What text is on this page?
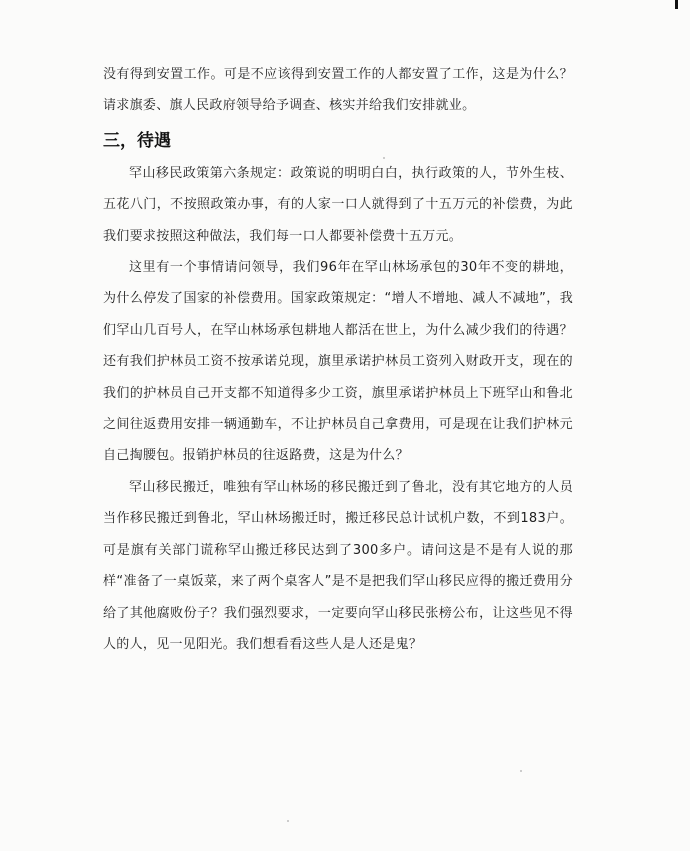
没有得到安置工作。可是不应该得到安置工作的人都安置了工作，这是为什么？请求旗委、旗人民政府领导给予调查、核实并给我们安排就业。

三，待遇

罕山移民政策第六条规定：政策说的明明白白，执行政策的人，节外生枝、五花八门，不按照政策办事，有的人家一口人就得到了十五万元的补偿费，为此我们要求按照这种做法，我们每一口人都要补偿费十五万元。

这里有一个事情请问领导，我们96年在罕山林场承包的30年不变的耕地，为什么停发了国家的补偿费用。国家政策规定：“增人不增地、减人不减地”，我们罕山几百号人，在罕山林场承包耕地人都活在世上，为什么减少我们的待遇？还有我们护林员工资不按承诺兑现，旗里承诺护林员工资列入财政开支，现在的我们的护林员自己开支都不知道得多少工资，旗里承诺护林员上下班罕山和鲁北之间往返费用安排一辆通勤车，不让护林员自己拿费用，可是现在让我们护林元自己掏腰包。报销护林员的往返路费，这是为什么？

罕山移民搬迁，唯独有罕山林场的移民搬迁到了鲁北，没有其它地方的人员当作移民搬迁到鲁北，罕山林场搬迁时，搬迁移民总计试机户数，不到183户。可是旗有关部门谎称罕山搬迁移民达到了300多户。请问这是不是有人说的那样“准备了一桌饭菜，来了两个桌客人”是不是把我们罕山移民应得的搬迁费用分给了其他腐败份子？我们强烈要求，一定要向罕山移民张榜公布，让这些见不得人的人，见一见阳光。我们想看看这些人是人还是鬼？
